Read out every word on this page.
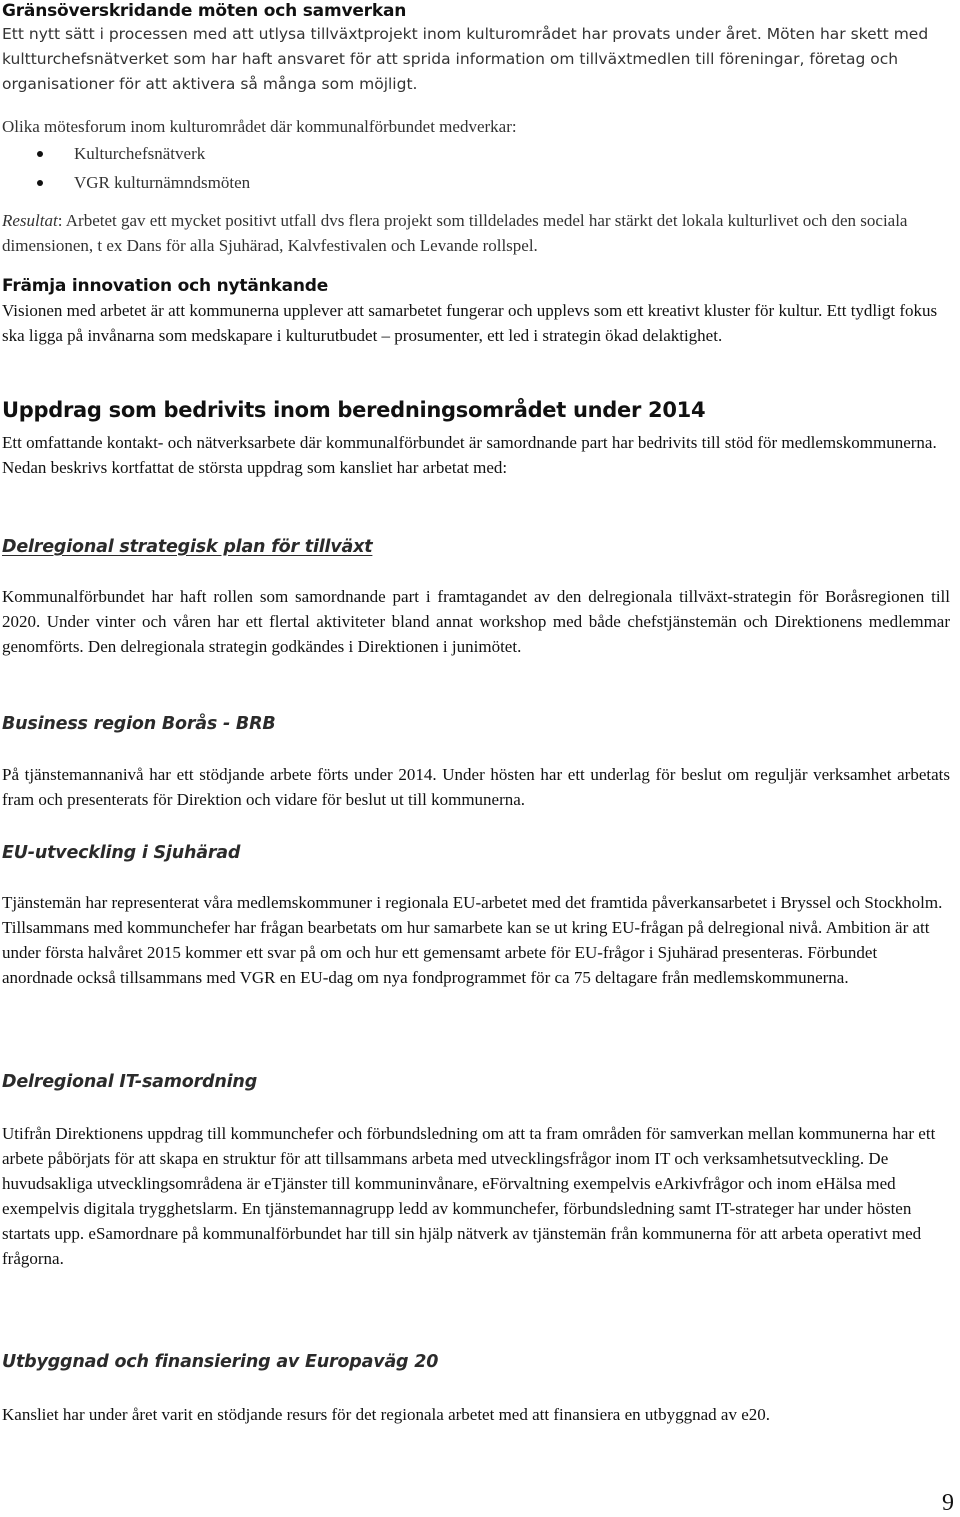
Gränsöverskridande möten och samverkan

Ett nytt sätt i processen med att utlysa tillväxtprojekt inom kulturområdet har provats under året. Möten har skett med kultturchefsnätverket som har haft ansvaret för att sprida information om tillväxtmedlen till föreningar, företag och organisationer för att aktivera så många som möjligt.

Olika mötesforum inom kulturområdet där kommunalförbundet medverkar:

Kulturchefsnätverk
VGR kulturnämndsmöten

Resultat: Arbetet gav ett mycket positivt utfall dvs flera projekt som tilldelades medel har stärkt det lokala kulturlivet och den sociala dimensionen, t ex Dans för alla Sjuhärad, Kalvfestivalen och Levande rollspel.

Främja innovation och nytänkande

Visionen med arbetet är att kommunerna upplever att samarbetet fungerar och upplevs som ett kreativt kluster för kultur. Ett tydligt fokus ska ligga på invånarna som medskapare i kulturutbudet – prosumenter, ett led i strategin ökad delaktighet.

Uppdrag som bedrivits inom beredningsområdet under 2014

Ett omfattande kontakt- och nätverksarbete där kommunalförbundet är samordnande part har bedrivits till stöd för medlemskommunerna. Nedan beskrivs kortfattat de största uppdrag som kansliet har arbetat med:

Delregional strategisk plan för tillväxt

Kommunalförbundet har haft rollen som samordnande part i framtagandet av den delregionala tillväxt-strategin för Boråsregionen till 2020. Under vinter och våren har ett flertal aktiviteter bland annat workshop med både chefstjänstemän och Direktionens medlemmar genomförts. Den delregionala strategin godkändes i Direktionen i junimötet.

Business region Borås - BRB

På tjänstemannanivå har ett stödjande arbete förts under 2014. Under hösten har ett underlag för beslut om reguljär verksamhet arbetats fram och presenterats för Direktion och vidare för beslut ut till kommunerna.

EU-utveckling i Sjuhärad

Tjänstemän har representerat våra medlemskommuner i regionala EU-arbetet med det framtida påverkansarbetet i Bryssel och Stockholm. Tillsammans med kommunchefer har frågan bearbetats om hur samarbete kan se ut kring EU-frågan på delregional nivå. Ambition är att under första halvåret 2015 kommer ett svar på om och hur ett gemensamt arbete för EU-frågor i Sjuhärad presenteras. Förbundet anordnade också tillsammans med VGR en EU-dag om nya fondprogrammet för ca 75 deltagare från medlemskommunerna.

Delregional IT-samordning

Utifrån Direktionens uppdrag till kommunchefer och förbundsledning om att ta fram områden för samverkan mellan kommunerna har ett arbete påbörjats för att skapa en struktur för att tillsammans arbeta med utvecklingsfrågor inom IT och verksamhetsutveckling. De huvudsakliga utvecklingsområdena är eTjänster till kommuninvånare, eFörvaltning exempelvis eArkivfrågor och inom eHälsa med exempelvis digitala trygghetslarm. En tjänstemannagrupp ledd av kommunchefer, förbundsledning samt IT-strateger har under hösten startats upp. eSamordnare på kommunalförbundet har till sin hjälp nätverk av tjänstemän från kommunerna för att arbeta operativt med frågorna.

Utbyggnad och finansiering av Europaväg 20

Kansliet har under året varit en stödjande resurs för det regionala arbetet med att finansiera en utbyggnad av e20.

9
